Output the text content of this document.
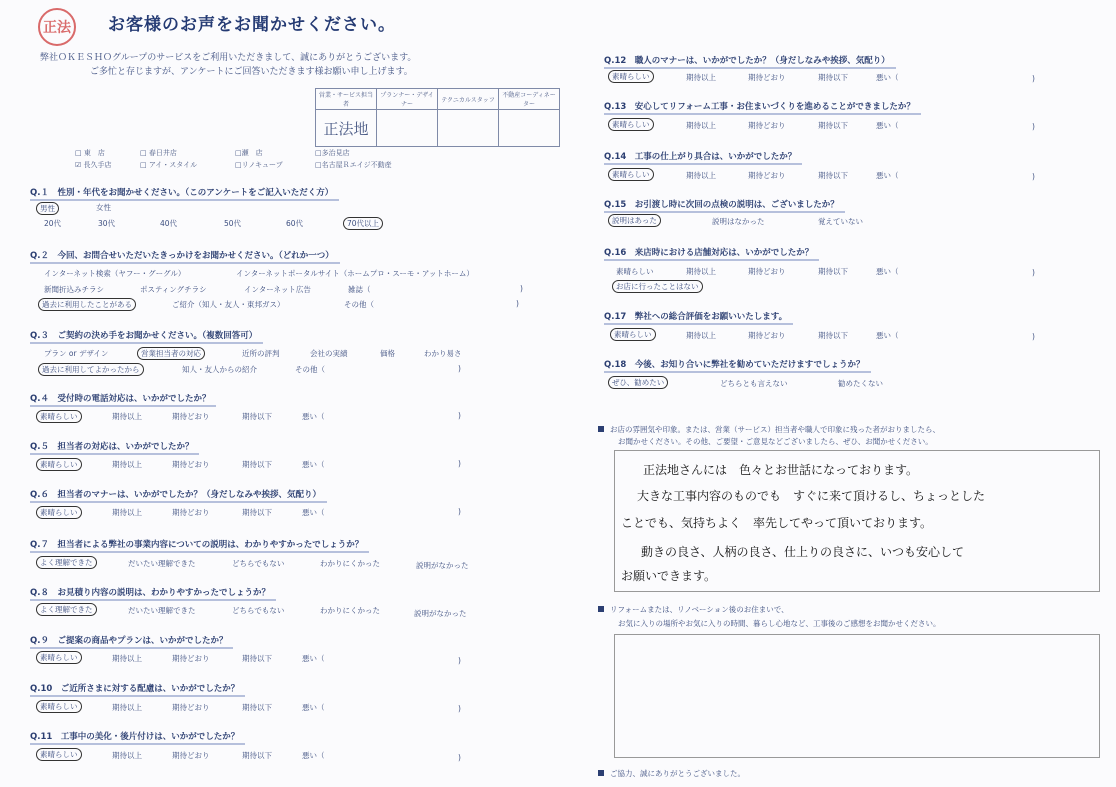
正法 お客様のお声をお聞かせください。
弊社ＯＫＥＳＨＯグループのサービスをご利用いただきまして、誠にありがとうございます。
ご多忙と存じますが、アンケートにご回答いただきます様お願い申し上げます。
営業・サービス担当者	プランナー・デザイナー	テクニカルスタッフ	不動産コーディネーター
正法地			
□ 東　店	□ 春日井店	□瀬　店	□多治見店
☑ 長久手店	□ アイ・スタイル	□リノキューブ	□名古屋Ｒエイジ不動産
Q.１　性別・年代をお聞かせください。（このアンケートをご記入いただく方）
男性	女性
20代	30代	40代	50代	60代	70代以上
Q.２　今回、お問合せいただいたきっかけをお聞かせください。（どれか一つ）
インターネット検索（ヤフー・グーグル）	インターネットポータルサイト（ホームプロ・スーモ・アットホーム）
新聞折込みチラシ	ポスティングチラシ	インターネット広告	雑誌（	)
過去に利用したことがある	ご紹介（知人・友人・東邦ガス）	その他（	)
Q.３　ご契約の決め手をお聞かせください。（複数回答可）
プラン or デザイン	営業担当者の対応	近所の評判	会社の実績	価格	わかり易さ
過去に利用してよかったから	知人・友人からの紹介	その他（	)
Q.４　受付時の電話対応は、いかがでしたか？
素晴らしい	期待以上	期待どおり	期待以下	悪い（	)
Q.５　担当者の対応は、いかがでしたか？
素晴らしい	期待以上	期待どおり	期待以下	悪い（	)
Q.６　担当者のマナーは、いかがでしたか？（身だしなみや挨拶、気配り）
素晴らしい	期待以上	期待どおり	期待以下	悪い（	)
Q.７　担当者による弊社の事業内容についての説明は、わかりやすかったでしょうか？
よく理解できた	だいたい理解できた	どちらでもない	わかりにくかった	説明がなかった
Q.８　お見積り内容の説明は、わかりやすかったでしょうか？
よく理解できた	だいたい理解できた	どちらでもない	わかりにくかった	説明がなかった
Q.９　ご提案の商品やプランは、いかがでしたか？
素晴らしい	期待以上	期待どおり	期待以下	悪い（	)
Q.10　ご近所さまに対する配慮は、いかがでしたか？
素晴らしい	期待以上	期待どおり	期待以下	悪い（	)
Q.11　工事中の美化・後片付けは、いかがでしたか？
素晴らしい	期待以上	期待どおり	期待以下	悪い（	)
Q.12　職人のマナーは、いかがでしたか？（身だしなみや挨拶、気配り）
素晴らしい	期待以上	期待どおり	期待以下	悪い（	)
Q.13　安心してリフォーム工事・お住まいづくりを進めることができましたか？
素晴らしい	期待以上	期待どおり	期待以下	悪い（	)
Q.14　工事の仕上がり具合は、いかがでしたか？
素晴らしい	期待以上	期待どおり	期待以下	悪い（	)
Q.15　お引渡し時に次回の点検の説明は、ございましたか？
説明はあった	説明はなかった	覚えていない
Q.16　来店時における店舗対応は、いかがでしたか？
素晴らしい	期待以上	期待どおり	期待以下	悪い（	)
お店に行ったことはない
Q.17　弊社への総合評価をお願いいたします。
素晴らしい	期待以上	期待どおり	期待以下	悪い（	)
Q.18　今後、お知り合いに弊社を勧めていただけますでしょうか？
ぜひ、勧めたい	どちらとも言えない	勧めたくない
お店の雰囲気や印象。または、営業（サービス）担当者や職人で印象に残った者がおりましたら、
お聞かせください。その他、ご要望・ご意見などございましたら、ぜひ、お聞かせください。
正法地さんには　色々とお世話になっております。
大きな工事内容のものでも　すぐに来て頂けるし、ちょっとした
ことでも、気持ちよく　率先してやって頂いております。
動きの良さ、人柄の良さ、仕上りの良さに、いつも安心して
お願いできます。
リフォームまたは、リノベーション後のお住まいで、
お気に入りの場所やお気に入りの時間、暮らし心地など、工事後のご感想をお聞かせください。
ご協力、誠にありがとうございました。
